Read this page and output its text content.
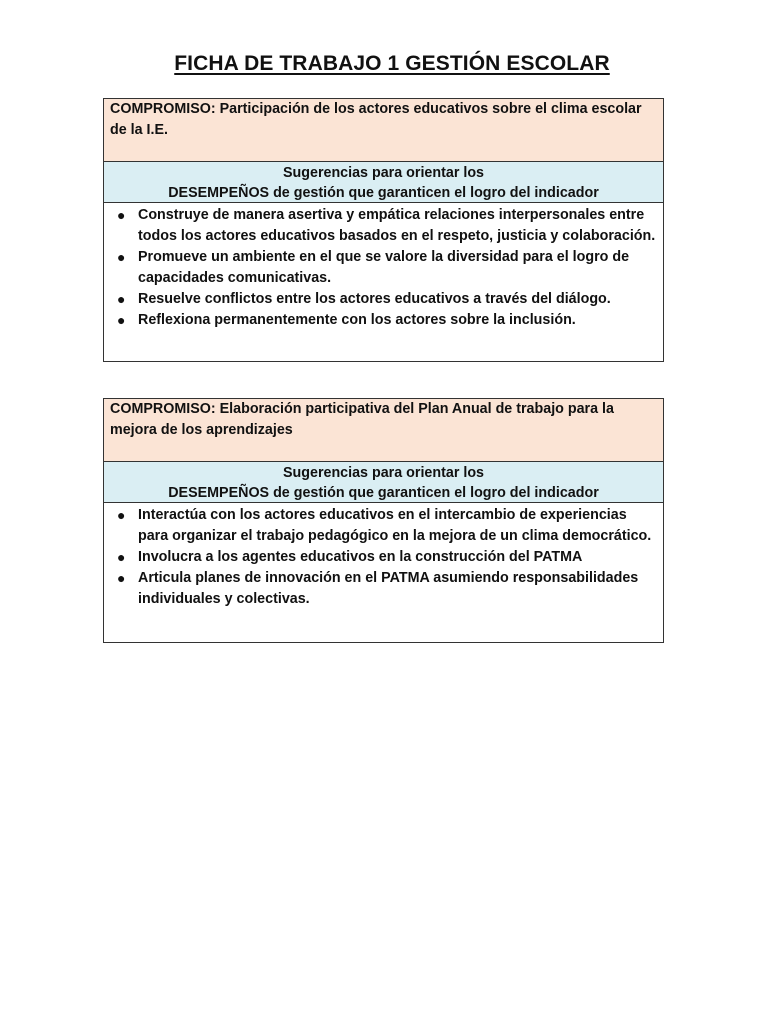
FICHA DE TRABAJO 1 GESTIÓN ESCOLAR
COMPROMISO: Participación de los actores educativos sobre el clima escolar de la I.E.
Sugerencias para orientar los
DESEMPEÑOS de gestión que garanticen el logro del indicador
● Construye de manera asertiva y empática relaciones interpersonales entre todos los actores educativos basados en el respeto, justicia y colaboración.
● Promueve un ambiente en el que se valore la diversidad para el logro de capacidades comunicativas.
● Resuelve conflictos entre los actores educativos a través del diálogo.
● Reflexiona permanentemente con los actores sobre la inclusión.
COMPROMISO: Elaboración participativa del Plan Anual de trabajo para la mejora de los aprendizajes
Sugerencias para orientar los
DESEMPEÑOS de gestión que garanticen el logro del indicador
● Interactúa con los actores educativos en el intercambio de experiencias para organizar el trabajo pedagógico en la mejora de un clima democrático.
● Involucra a los agentes educativos en la construcción del PATMA
● Articula planes de innovación en el PATMA asumiendo responsabilidades individuales y colectivas.
